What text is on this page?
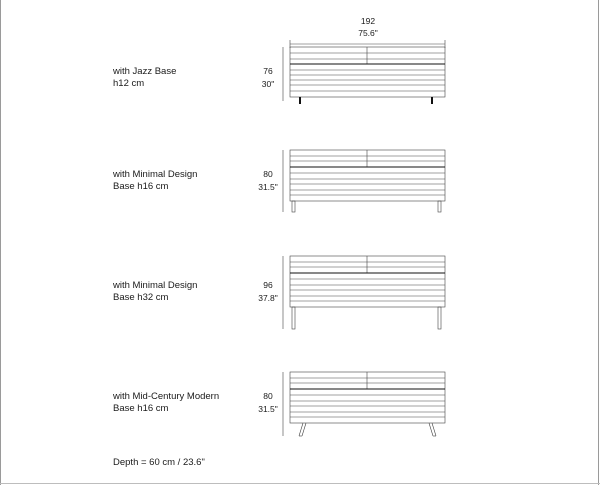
192
75.6"
with Jazz Base
h12 cm
76
30"
with Minimal Design
Base h16 cm
80
31.5"
with Minimal Design
Base h32 cm
96
37.8"
with Mid-Century Modern
Base h16 cm
80
31.5"
Depth = 60 cm / 23.6"
